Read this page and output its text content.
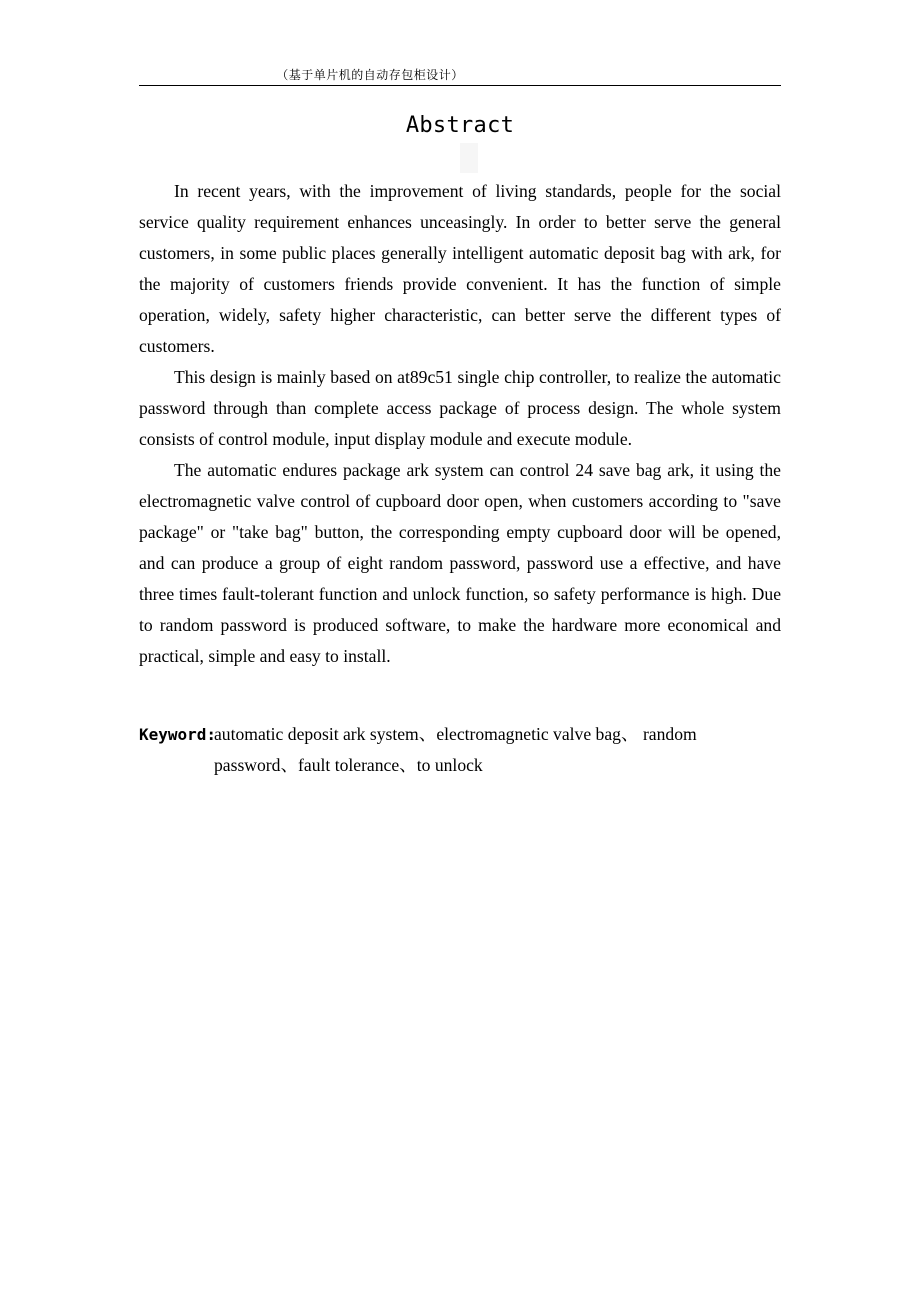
（基于单片机的自动存包柜设计）
Abstract

In recent years, with the improvement of living standards, people for the social service quality requirement enhances unceasingly. In order to better serve the general customers, in some public places generally intelligent automatic deposit bag with ark, for the majority of customers friends provide convenient. It has the function of simple operation, widely, safety higher characteristic, can better serve the different types of customers.

This design is mainly based on at89c51 single chip controller, to realize the automatic password through than complete access package of process design. The whole system consists of control module, input display module and execute module.

The automatic endures package ark system can control 24 save bag ark, it using the electromagnetic valve control of cupboard door open, when customers according to "save package" or "take bag" button, the corresponding empty cupboard door will be opened, and can produce a group of eight random password, password use a effective, and have three times fault-tolerant function and unlock function, so safety performance is high. Due to random password is produced software, to make the hardware more economical and practical, simple and easy to install.

Keyword:
automatic deposit ark system、electromagnetic valve bag、 random password、fault tolerance、to unlock
